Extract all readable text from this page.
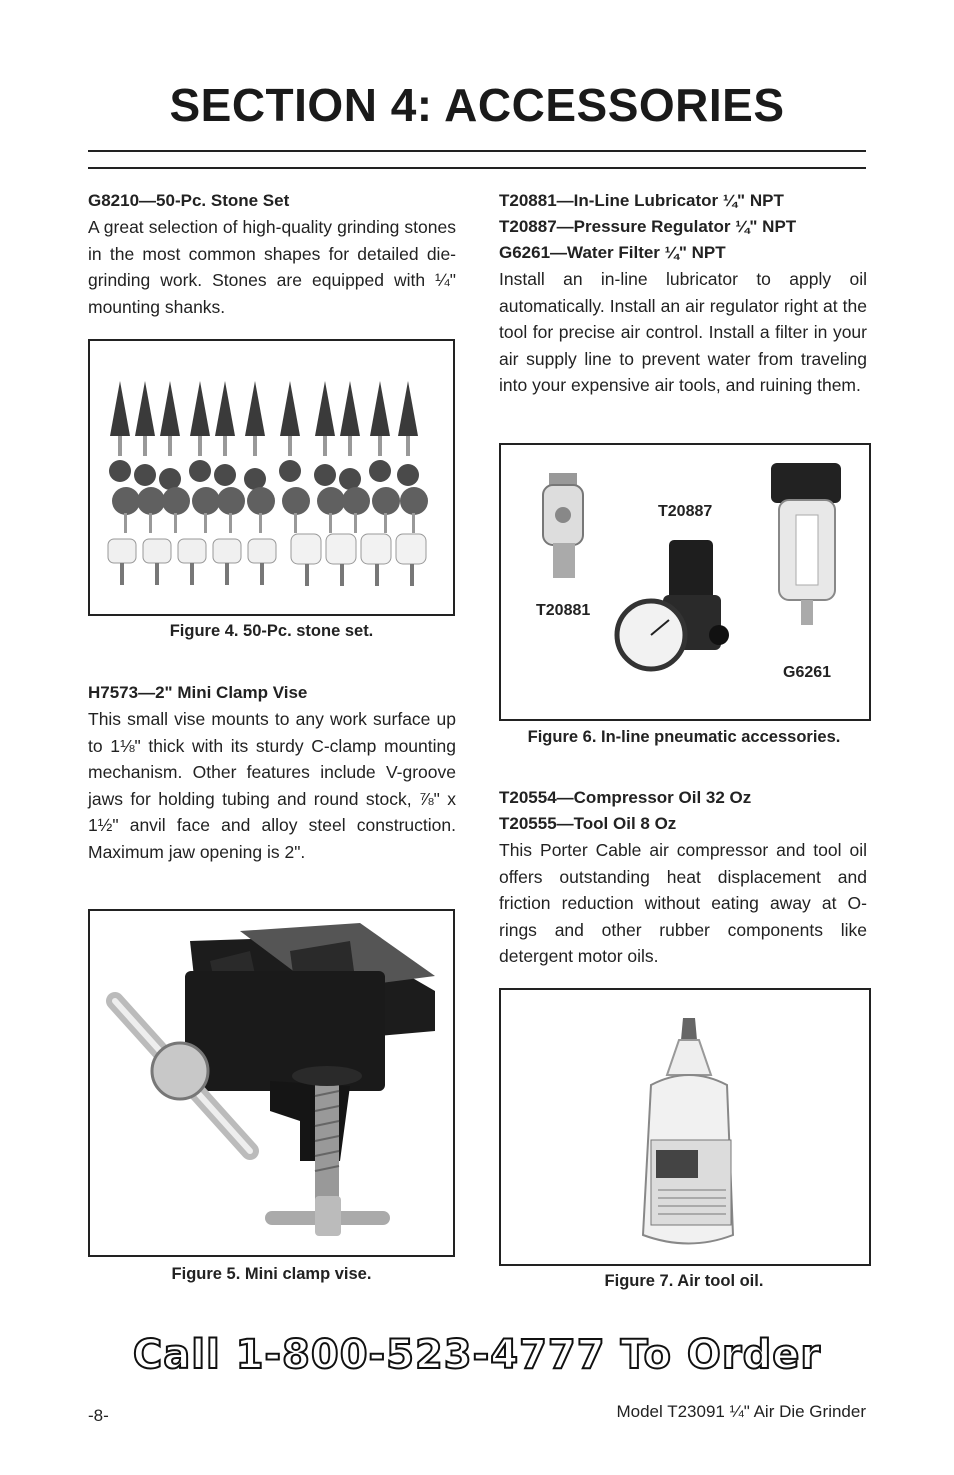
SECTION 4: ACCESSORIES

G8210—50-Pc. Stone Set

A great selection of high-quality grinding stones in the most common shapes for detailed die-grinding work. Stones are equipped with ¼" mounting shanks.

Figure 4. 50-Pc. stone set.

H7573—2" Mini Clamp Vise

This small vise mounts to any work surface up to 1⅛" thick with its sturdy C-clamp mounting mechanism. Other features include V-groove jaws for holding tubing and round stock, ⅞" x 1½" anvil face and alloy steel construction. Maximum jaw opening is 2".

Figure 5. Mini clamp vise.

T20881—In-Line Lubricator ¼" NPT

T20887—Pressure Regulator ¼" NPT

G6261—Water Filter ¼" NPT

Install an in-line lubricator to apply oil automatically. Install an air regulator right at the tool for precise air control. Install a filter in your air supply line to prevent water from traveling into your expensive air tools, and ruining them.

T20887
T20881
G6261

Figure 6. In-line pneumatic accessories.

T20554—Compressor Oil 32 Oz

T20555—Tool Oil 8 Oz

This Porter Cable air compressor and tool oil offers outstanding heat displacement and friction reduction without eating away at O-rings and other rubber components like detergent motor oils.

Figure 7. Air tool oil.

Call 1-800-523-4777 To Order
-8-	Model T23091 ¼" Air Die Grinder
